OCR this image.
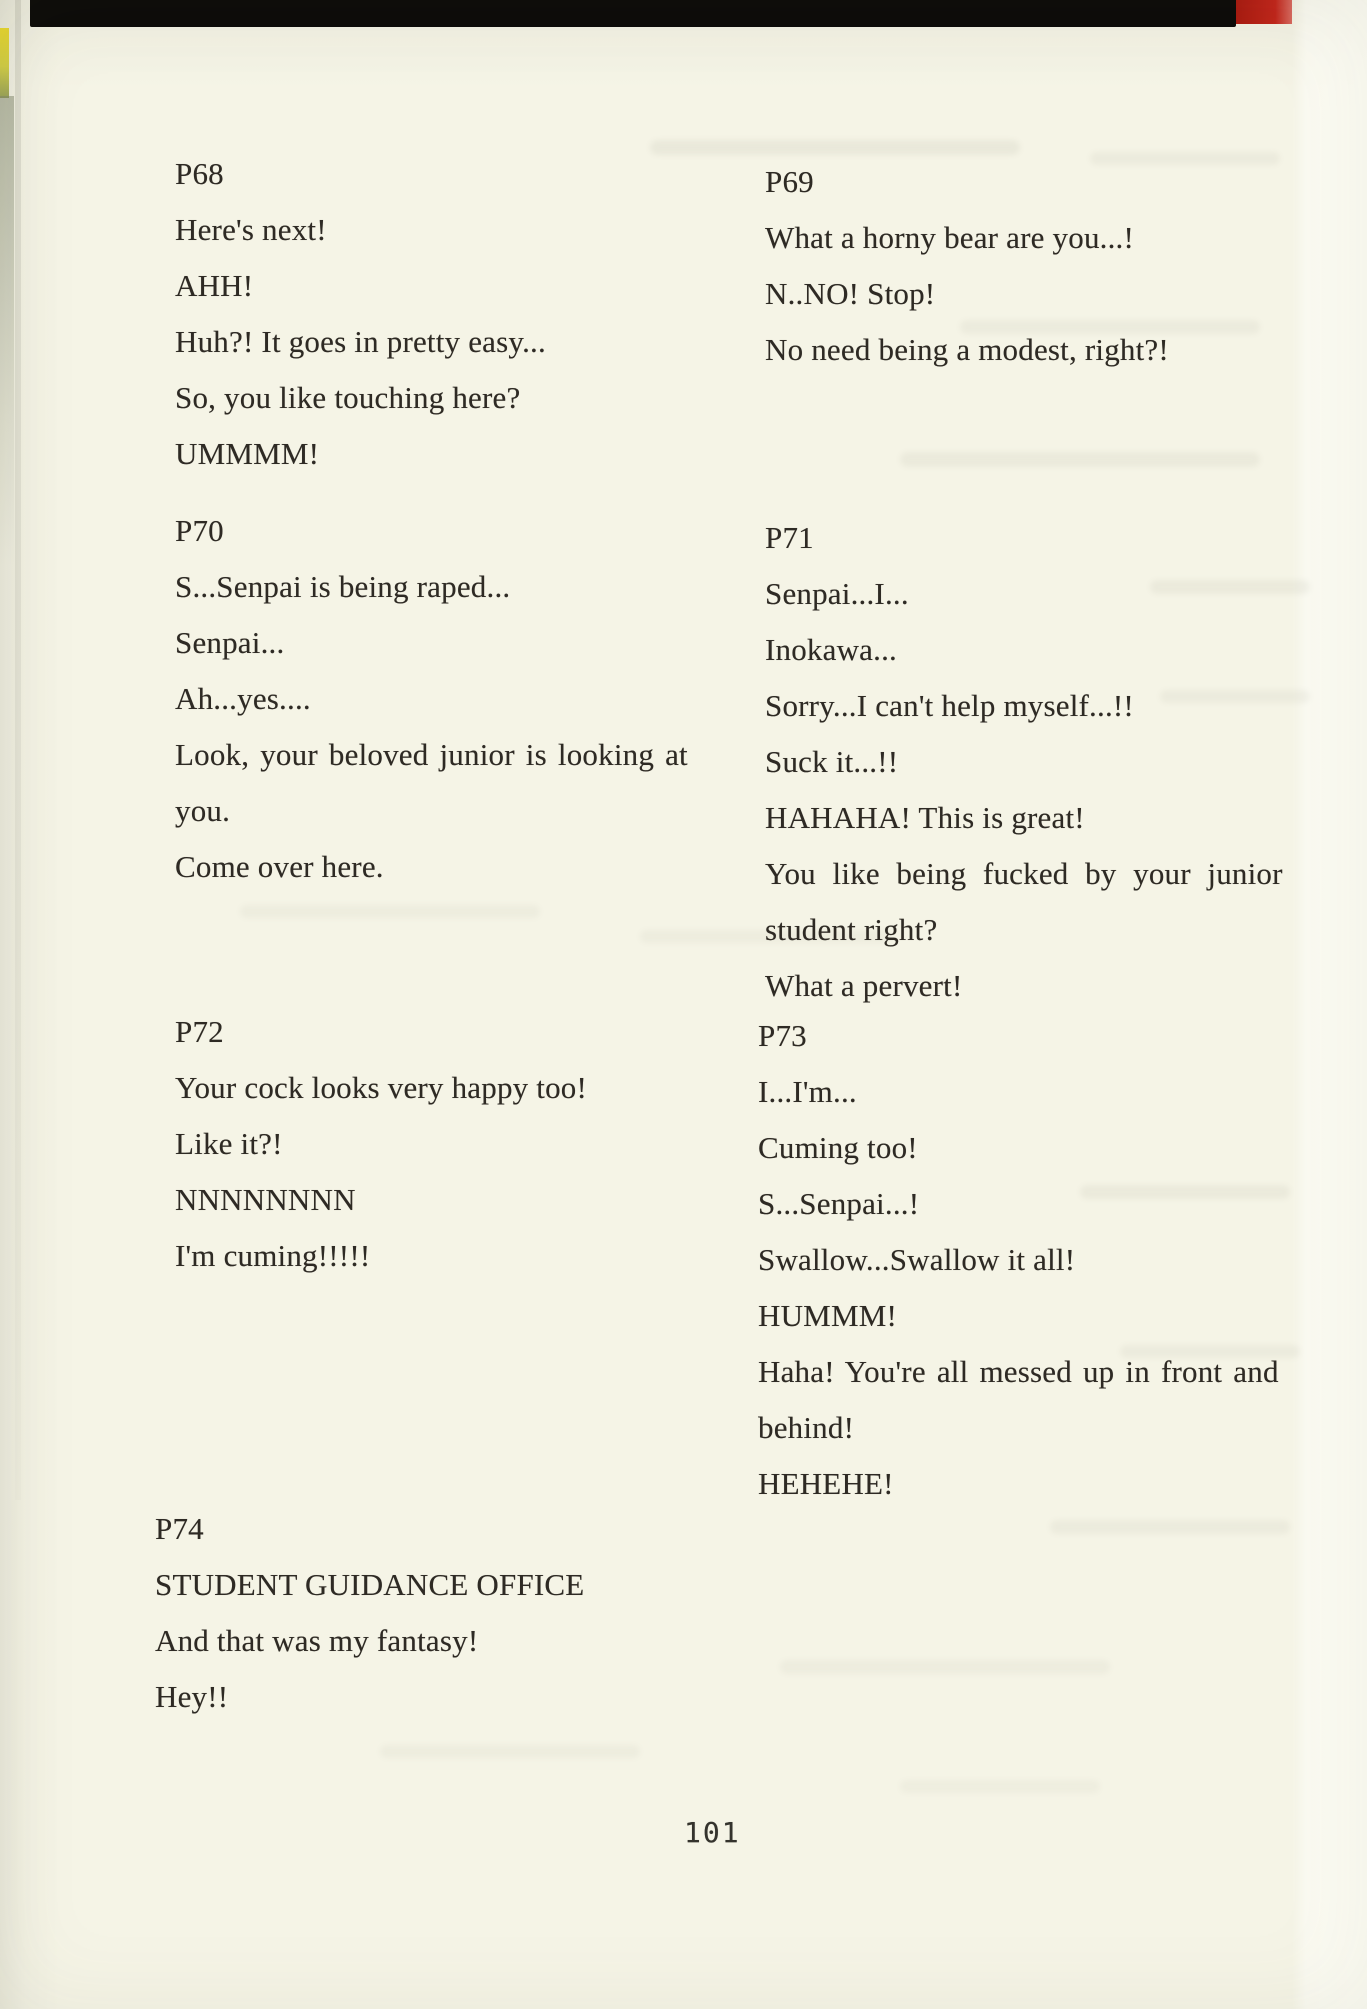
P68
Here's next!
AHH!
Huh?! It goes in pretty easy...
So, you like touching here?
UMMMM!
P69
What a horny bear are you...!
N..NO! Stop!
No need being a modest, right?!
P70
S...Senpai is being raped...
Senpai...
Ah...yes....
Look, your beloved junior is looking at
you.
Come over here.
P71
Senpai...I...
Inokawa...
Sorry...I can't help myself...!!
Suck it...!!
HAHAHA! This is great!
You like being fucked by your junior
student right?
What a pervert!
P72
Your cock looks very happy too!
Like it?!
NNNNNNNN
I'm cuming!!!!!
P73
I...I'm...
Cuming too!
S...Senpai...!
Swallow...Swallow it all!
HUMMM!
Haha! You're all messed up in front and
behind!
HEHEHE!
P74
STUDENT GUIDANCE OFFICE
And that was my fantasy!
Hey!!
101
